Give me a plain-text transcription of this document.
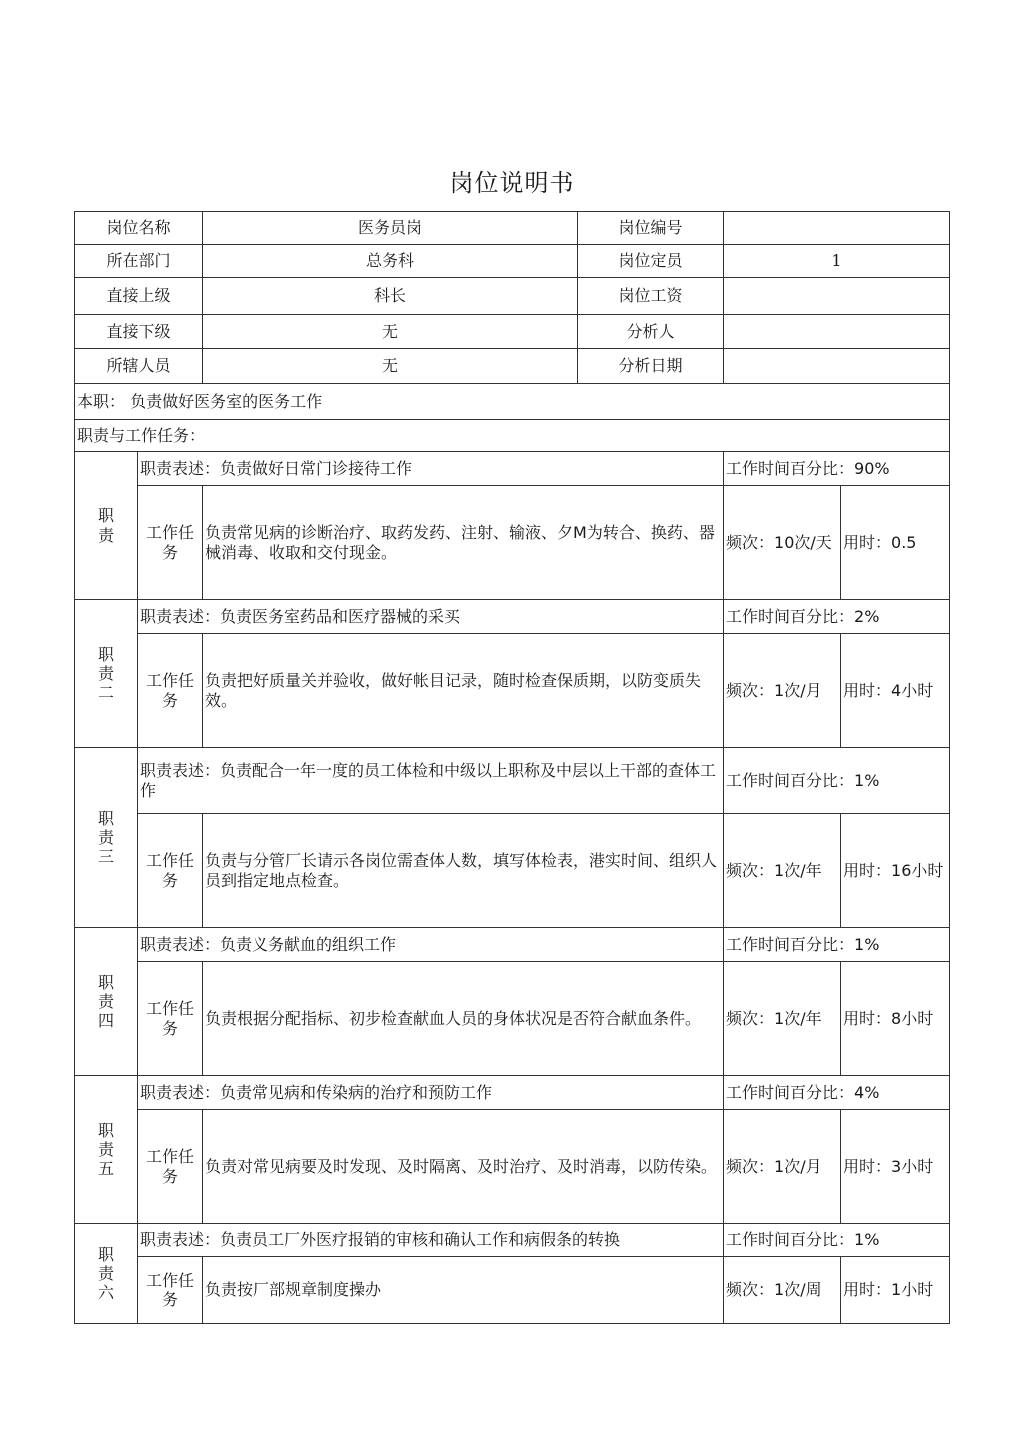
岗位说明书
岗位名称		医务员岗	岗位编号		
所在部门		总务科	岗位定员	1	
直接上级		科长	岗位工资		
直接下级		无	分析人		
所辖人员		无	分析日期		
本职： 负责做好医务室的医务工作					
职责与工作任务：					

职
责	职责表述：负责做好日常门诊接待工作			工作时间百分比：90%	
	工作任务	负责常见病的诊断治疗、取药发药、注射、输液、夕M为转合、换药、器械消毒、收取和交付现金。		频次：10次/天	用时：0.5

职
责
二	职责表述：负责医务室药品和医疗器械的采买			工作时间百分比：2%	
	工作任务	负责把好质量关并验收，做好帐目记录，随时检查保质期，以防变质失效。		频次：1次/月	用时：4小时

职
责
三	职责表述：负责配合一年一度的员工体检和中级以上职称及中层以上干部的查体工作			工作时间百分比：1%	
	工作任务	负责与分管厂长请示各岗位需查体人数，填写体检表，港实时间、组织人员到指定地点检查。		频次：1次/年	用时：16小时

职
责
四	职责表述：负责义务献血的组织工作			工作时间百分比：1%	
	工作任务	负责根据分配指标、初步检查献血人员的身体状况是否符合献血条件。		频次：1次/年	用时：8小时

职
责
五	职责表述：负责常见病和传染病的治疗和预防工作			工作时间百分比：4%	
	工作任务	负责对常见病要及时发现、及时隔离、及时治疗、及时消毒，以防传染。		频次：1次/月	用时：3小时

职
责
六	职责表述：负责员工厂外医疗报销的审核和确认工作和病假条的转换			工作时间百分比：1%	
	工作任务	负责按厂部规章制度操办		频次：1次/周	用时：1小时
